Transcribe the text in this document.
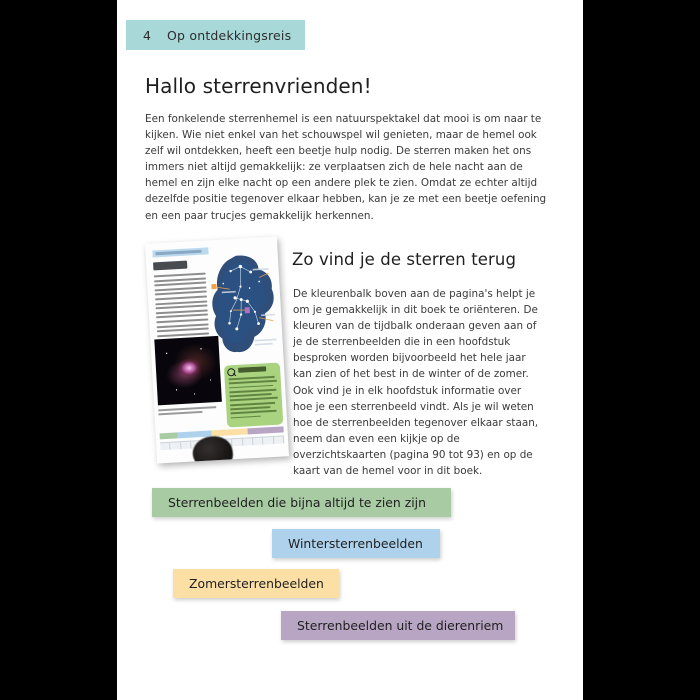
4	Op ontdekkingsreis
Hallo sterrenvrienden!

Een fonkelende sterrenhemel is een natuurspektakel dat mooi is om naar te kijken. Wie niet enkel van het schouwspel wil genieten, maar de hemel ook zelf wil ontdekken, heeft een beetje hulp nodig. De sterren maken het ons immers niet altijd gemakkelijk: ze verplaatsen zich de hele nacht aan de hemel en zijn elke nacht op een andere plek te zien. Omdat ze echter altijd dezelfde positie tegenover elkaar hebben, kan je ze met een beetje oefening en een paar trucjes gemakkelijk herkennen.

Zo vind je de sterren terug

De kleurenbalk boven aan de pagina's helpt je om je gemakkelijk in dit boek te oriënteren. De kleuren van de tijdbalk onderaan geven aan of je de sterrenbeelden die in een hoofdstuk besproken worden bijvoorbeeld het hele jaar kan zien of het best in de winter of de zomer. Ook vind je in elk hoofdstuk informatie over hoe je een sterrenbeeld vindt. Als je wil weten hoe de sterrenbeelden tegenover elkaar staan, neem dan even een kijkje op de overzichtskaarten (pagina 90 tot 93) en op de kaart van de hemel voor in dit boek.

Sterrenbeelden die bijna altijd te zien zijn
Wintersterrenbeelden
Zomersterrenbeelden
Sterrenbeelden uit de dierenriem
